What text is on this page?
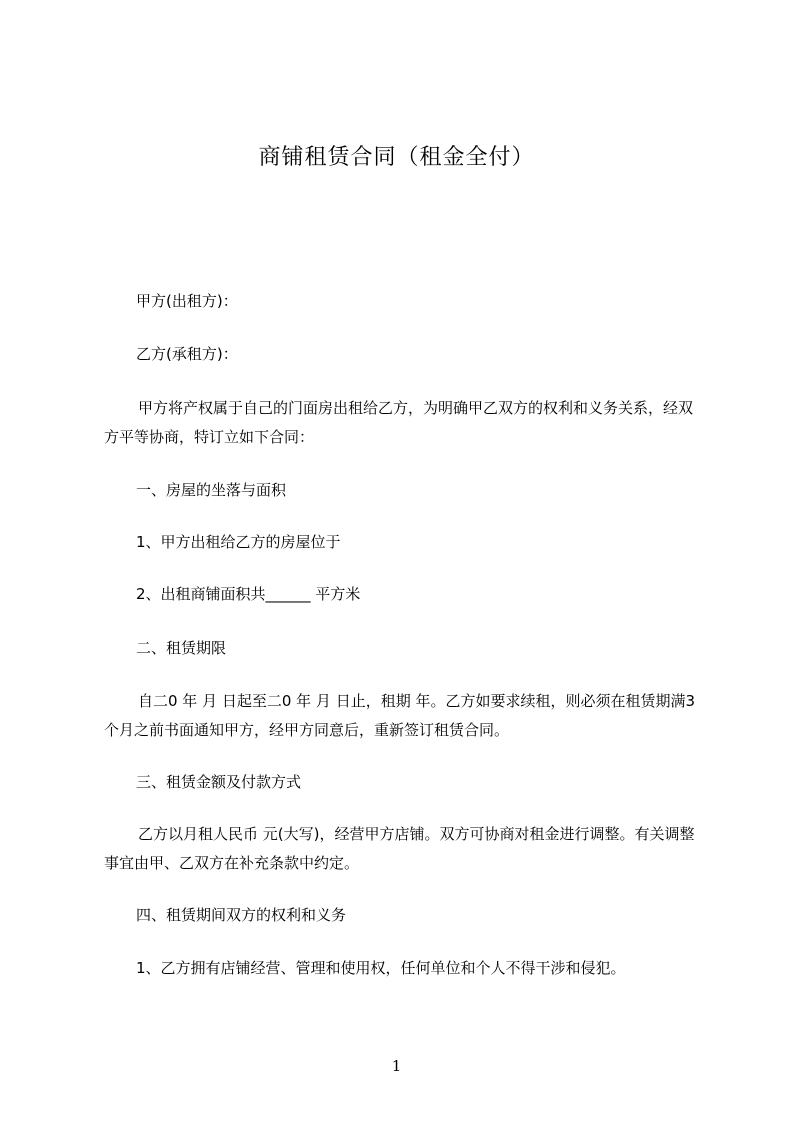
商铺租赁合同（租金全付）
甲方(出租方)：
乙方(承租方)：
甲方将产权属于自己的门面房出租给乙方，为明确甲乙双方的权利和义务关系，经双方平等协商，特订立如下合同：
一、房屋的坐落与面积
1、甲方出租给乙方的房屋位于
2、出租商铺面积共______ 平方米
二、租赁期限
自二0 年 月 日起至二0 年 月 日止，租期 年。乙方如要求续租，则必须在租赁期满3个月之前书面通知甲方，经甲方同意后，重新签订租赁合同。
三、租赁金额及付款方式
乙方以月租人民币 元(大写)，经营甲方店铺。双方可协商对租金进行调整。有关调整事宜由甲、乙双方在补充条款中约定。
四、租赁期间双方的权利和义务
1、乙方拥有店铺经营、管理和使用权，任何单位和个人不得干涉和侵犯。
1
